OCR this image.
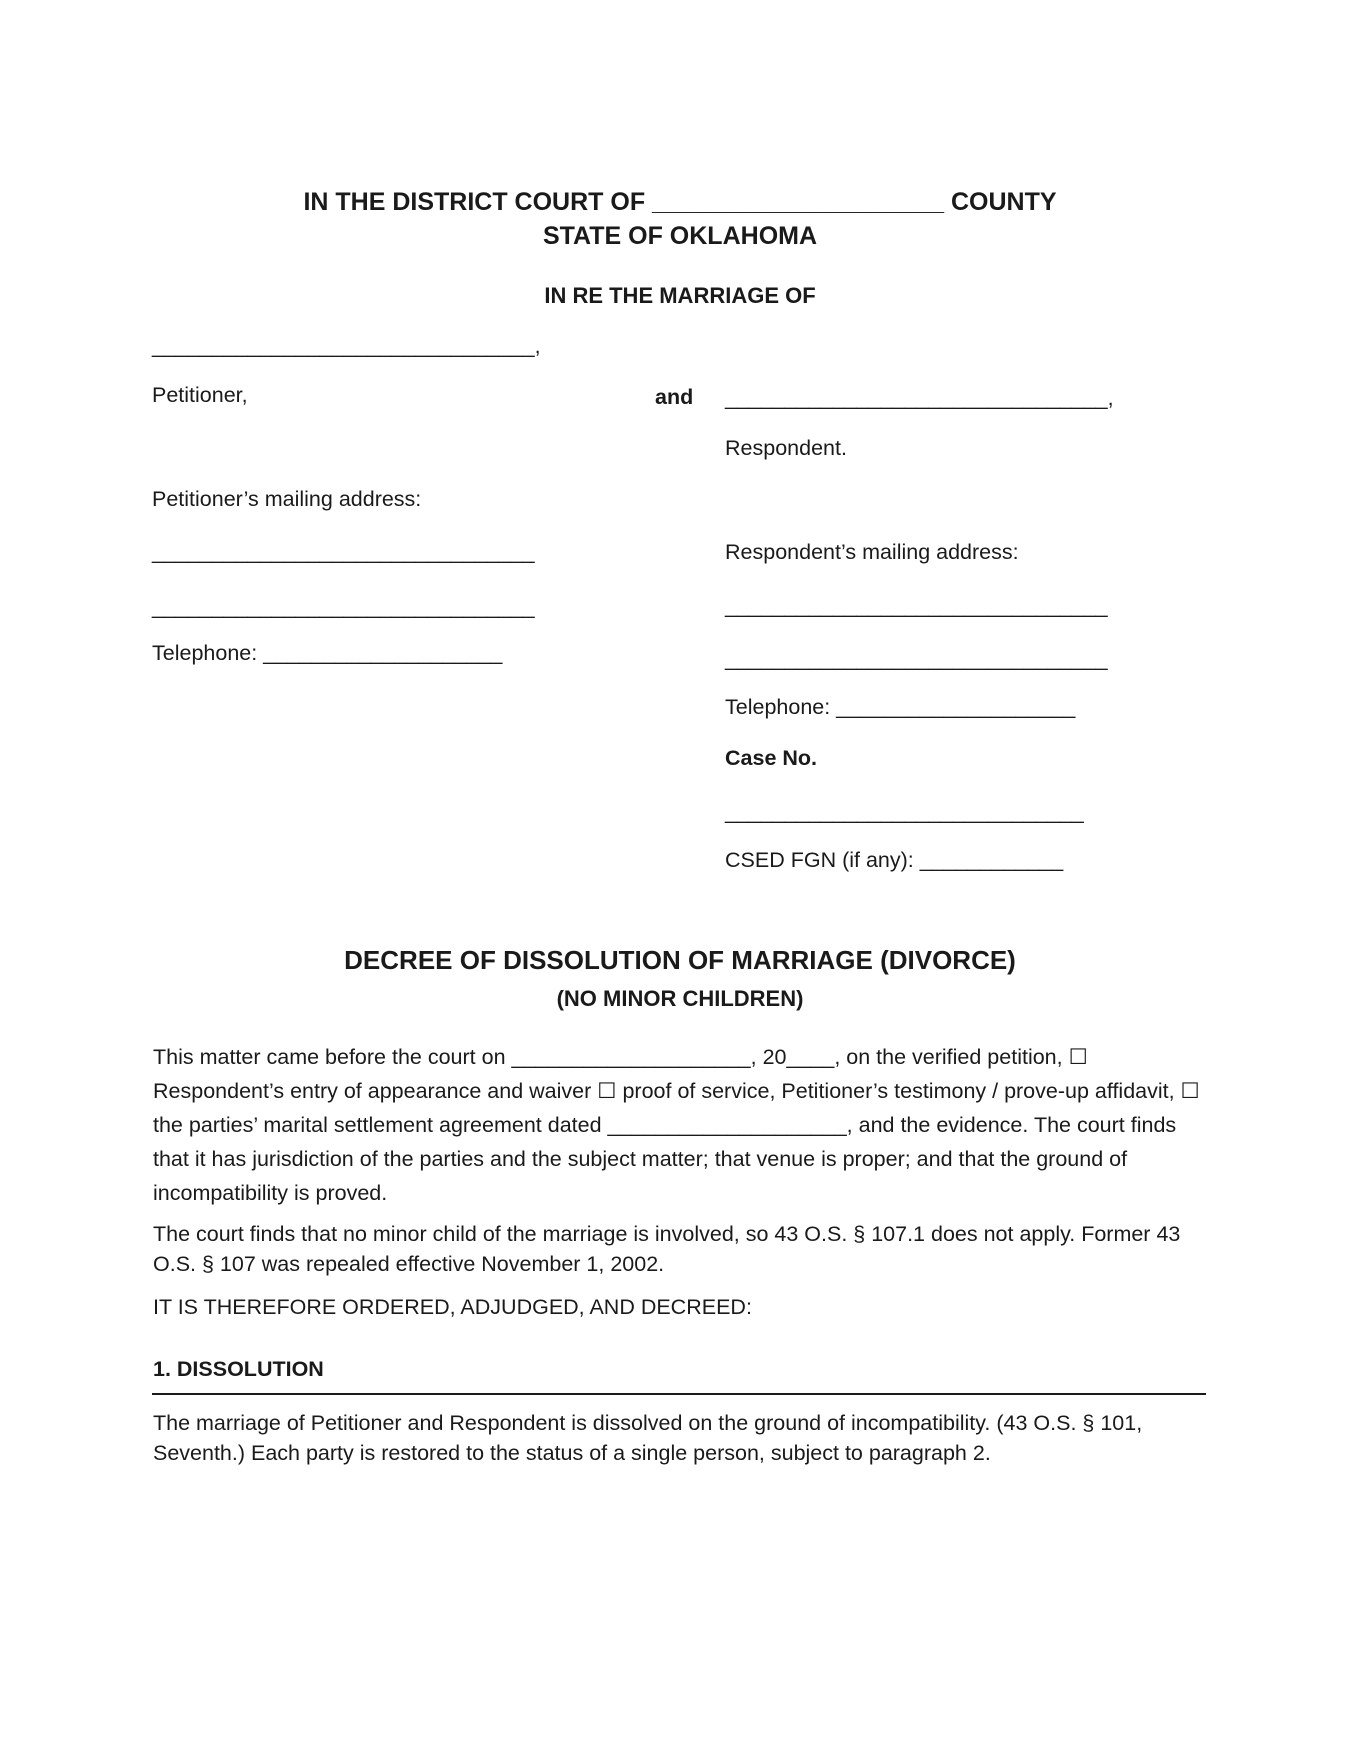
IN THE DISTRICT COURT OF _____________________ COUNTY
STATE OF OKLAHOMA
IN RE THE MARRIAGE OF
________________________________,
Petitioner,	and ________________________________,
Respondent.
Petitioner’s mailing address:
________________________________
________________________________
Telephone: ____________________
Respondent’s mailing address:
________________________________
________________________________
Telephone: ____________________
Case No.
______________________________
CSED FGN (if any): ____________
DECREE OF DISSOLUTION OF MARRIAGE (DIVORCE)
(NO MINOR CHILDREN)
This matter came before the court on ____________________, 20____, on the verified petition, ☐ Respondent’s entry of appearance and waiver ☐ proof of service, Petitioner’s testimony / prove-up affidavit, ☐ the parties’ marital settlement agreement dated ____________________, and the evidence. The court finds that it has jurisdiction of the parties and the subject matter; that venue is proper; and that the ground of incompatibility is proved.
The court finds that no minor child of the marriage is involved, so 43 O.S. § 107.1 does not apply. Former 43 O.S. § 107 was repealed effective November 1, 2002.
IT IS THEREFORE ORDERED, ADJUDGED, AND DECREED:
1. DISSOLUTION
The marriage of Petitioner and Respondent is dissolved on the ground of incompatibility. (43 O.S. § 101, Seventh.) Each party is restored to the status of a single person, subject to paragraph 2.
